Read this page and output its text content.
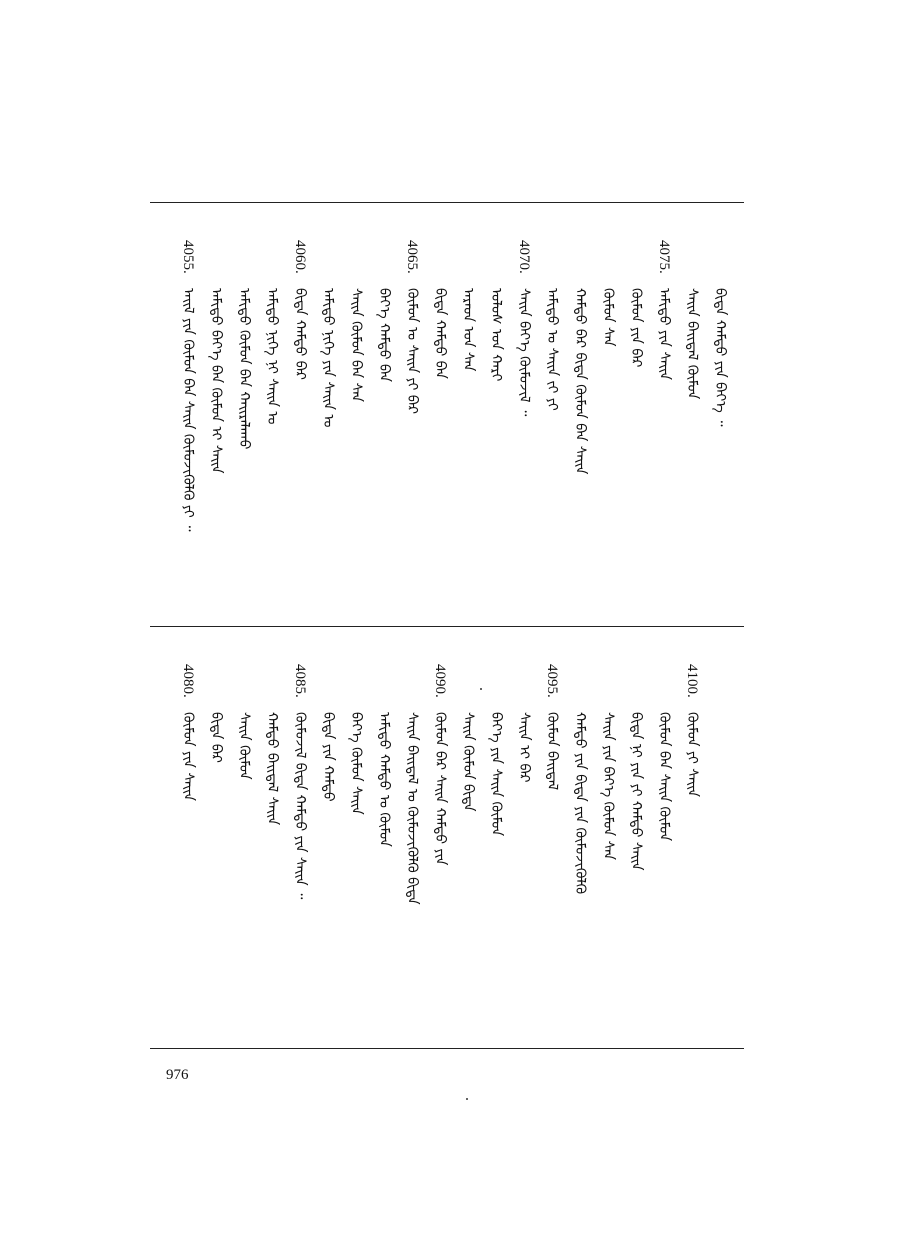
4055.
ᠠᠢᠯ ᠶᠢᠨ ᠬᠦᠮᠦᠨ ᠪᠡᠨ ᠰᠠᠢᠨ ᠬᠦᠮᠦᠵᠢᠭᠦᠯᠬᠦ ᠶᠢ ᠃ ᠠᠮᠢᠳᠤ ᠪᠡᠶ᠎ᠡ ᠪᠡᠨ ᠬᠦᠮᠦᠨ ᠢ ᠰᠠᠢᠨ ᠠᠮᠢᠳᠤ ᠬᠦᠮᠦᠨ ᠪᠡᠨ ᠬᠠᠢᠷᠠᠯᠠᠬᠤ ᠠᠮᠢᠳᠤ ᠨᠢᠭᠡ ᠨᠢ ᠰᠠᠢᠨ ᠣ
4060.
ᠪᠢᠳᠡ ᠬᠠᠮᠲᠤ ᠪᠠᠷ ᠠᠮᠢᠳᠤ ᠨᠢᠭᠡ ᠶᠢᠨ ᠰᠠᠢᠨ ᠣ ᠰᠠᠢᠨ ᠬᠦᠮᠦᠨ ᠪᠡᠨ ᠰᠠᠨ ᠪᠡᠶ᠎ᠡ ᠬᠠᠮᠲᠤ ᠪᠠᠨ
4065.
ᠬᠦᠮᠦᠨ ᠣ ᠰᠠᠢᠨ ᠶᠢ ᠪᠠᠷ ᠪᠢᠳᠡ ᠬᠠᠮᠲᠤ ᠪᠠᠨ ᠠᠷᠠᠳ ᠤᠨ ᠰᠠᠨ ᠤᠯᠤᠰ ᠤᠨ ᠬᠠᠷᠢ
4070.
ᠰᠠᠢᠨ ᠪᠡᠶ᠎ᠡ ᠬᠦᠮᠦᠵᠢᠯ ᠃ ᠠᠮᠢᠳᠤ ᠣ ᠰᠠᠢᠨ ᠵᠢ ᠶᠢ ᠬᠠᠮᠲᠤ ᠪᠠᠷ ᠪᠢᠳᠡ ᠬᠦᠮᠦᠨ ᠪᠡᠨ ᠰᠠᠢᠨ ᠬᠦᠮᠦᠨ ᠰᠠᠨ ᠬᠦᠮᠦᠨ ᠶᠢᠨ ᠪᠠᠷ
4075.
ᠠᠮᠢᠳᠤ ᠶᠢᠨ ᠰᠠᠢᠨ ᠰᠠᠢᠨ ᠪᠠᠢᠳᠠᠯ ᠬᠦᠮᠦᠨ ᠪᠢᠳᠡ ᠬᠠᠮᠲᠤ ᠶᠢᠨ ᠪᠡᠶ᠎ᠡ ᠃
4080.
ᠬᠦᠮᠦᠨ ᠶᠢᠨ ᠰᠠᠢᠨ ᠪᠢᠳᠡ ᠪᠠᠷ ᠰᠠᠢᠨ ᠬᠦᠮᠦᠨ ᠬᠠᠮᠲᠤ ᠪᠠᠢᠳᠠᠯ ᠰᠠᠢᠨ
4085.
ᠬᠦᠮᠦᠵᠢᠯ ᠪᠢᠳᠡ ᠬᠠᠮᠲᠤ ᠶᠢᠨ ᠰᠠᠢᠨ ᠃ ᠪᠢᠳᠡ ᠶᠢᠨ ᠬᠠᠮᠲᠤ ᠪᠡᠶ᠎ᠡ ᠬᠦᠮᠦᠨ ᠰᠠᠢᠨ ᠠᠮᠢᠳᠤ ᠬᠠᠮᠲᠤ ᠣ ᠬᠦᠮᠦᠨ ᠰᠠᠢᠨ ᠪᠠᠢᠳᠠᠯ ᠣ ᠬᠦᠮᠦᠵᠢᠭᠦᠯᠬᠦ ᠪᠢᠳᠡ
4090.
ᠬᠦᠮᠦᠨ ᠪᠠᠷ ᠰᠠᠢᠨ ᠬᠠᠮᠲᠤ ᠶᠢᠨ ᠰᠠᠢᠨ ᠬᠦᠮᠦᠨ ᠪᠢᠳᠡ ᠪᠡᠶ᠎ᠡ ᠶᠢᠨ ᠰᠠᠢᠨ ᠬᠦᠮᠦᠨ ᠰᠠᠢᠨ ᠢ ᠪᠠᠷ
4095.
ᠬᠦᠮᠦᠨ ᠪᠠᠢᠳᠠᠯ ᠬᠠᠮᠲᠤ ᠶᠢᠨ ᠪᠢᠳᠡ ᠶᠢᠨ ᠬᠦᠮᠦᠵᠢᠭᠦᠯᠬᠦ ᠰᠠᠢᠨ ᠶᠢᠨ ᠪᠡᠶ᠎ᠡ ᠬᠦᠮᠦᠨ ᠰᠠᠨ ᠪᠢᠳᠡ ᠨᠢ ᠶᠢᠨ ᠶᠢ ᠬᠠᠮᠲᠤ ᠰᠠᠢᠨ ᠬᠦᠮᠦᠨ ᠪᠡᠨ ᠰᠠᠢᠨ ᠬᠦᠮᠦᠨ
4100.
ᠬᠦᠮᠦᠨ ᠶᠢ ᠰᠠᠢᠨ
976
